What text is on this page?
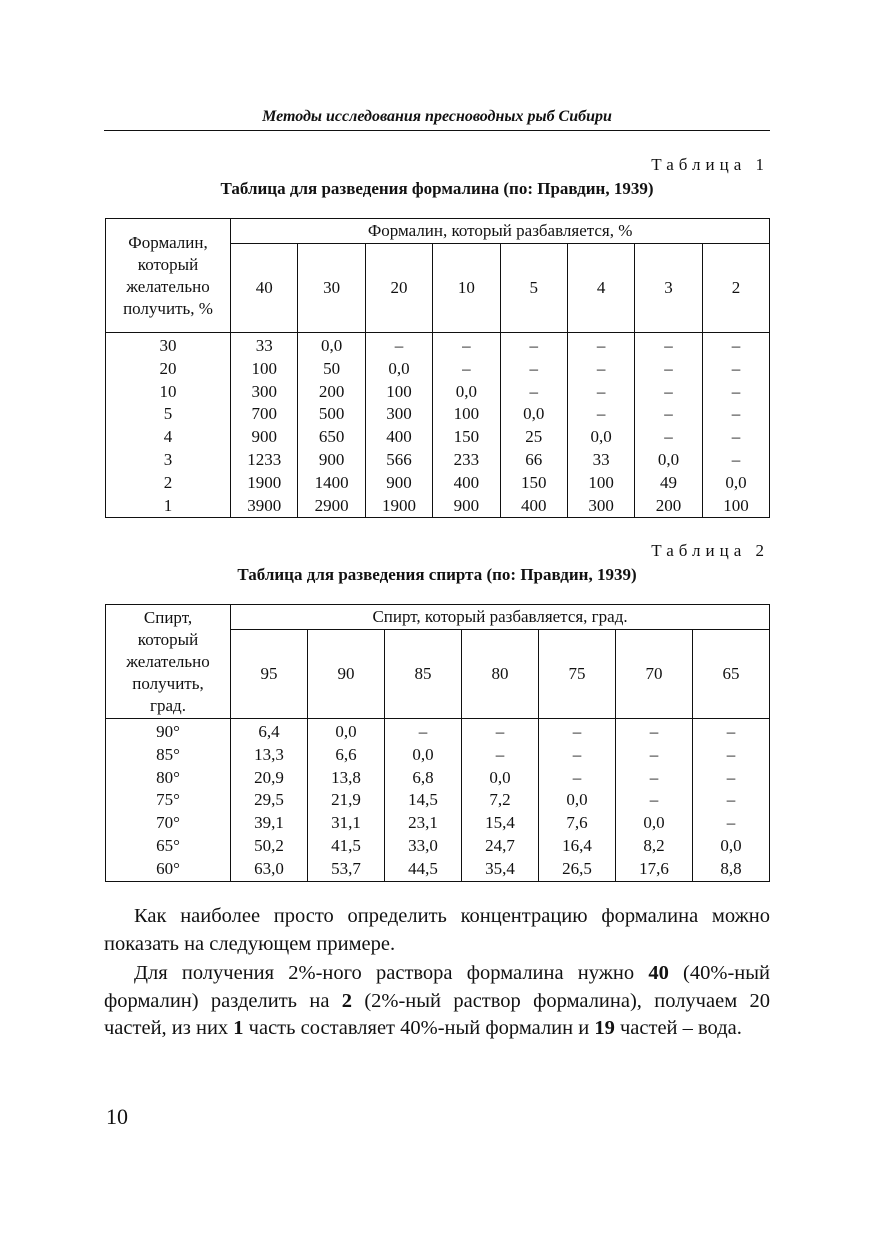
Методы исследования пресноводных рыб Сибири
Таблица 1
Таблица для разведения формалина (по: Правдин, 1939)
Формалин, который желательно получить, %	Формалин, который разбавляется, %							
	40	30	20	10	5	4	3	2
30	33	0,0	–	–	–	–	–	–
20	100	50	0,0	–	–	–	–	–
10	300	200	100	0,0	–	–	–	–
5	700	500	300	100	0,0	–	–	–
4	900	650	400	150	25	0,0	–	–
3	1233	900	566	233	66	33	0,0	–
2	1900	1400	900	400	150	100	49	0,0
1	3900	2900	1900	900	400	300	200	100
Таблица 2
Таблица для разведения спирта (по: Правдин, 1939)
Спирт, который желательно получить, град.	Спирт, который разбавляется, град.						
	95	90	85	80	75	70	65
90°	6,4	0,0	–	–	–	–	–
85°	13,3	6,6	0,0	–	–	–	–
80°	20,9	13,8	6,8	0,0	–	–	–
75°	29,5	21,9	14,5	7,2	0,0	–	–
70°	39,1	31,1	23,1	15,4	7,6	0,0	–
65°	50,2	41,5	33,0	24,7	16,4	8,2	0,0
60°	63,0	53,7	44,5	35,4	26,5	17,6	8,8

Как наиболее просто определить концентрацию формалина можно показать на следующем примере.

Для получения 2%-ного раствора формалина нужно 40 (40%-ный формалин) разделить на 2 (2%-ный раствор формалина), получаем 20 частей, из них 1 часть составляет 40%-ный формалин и 19 частей – вода.

10
